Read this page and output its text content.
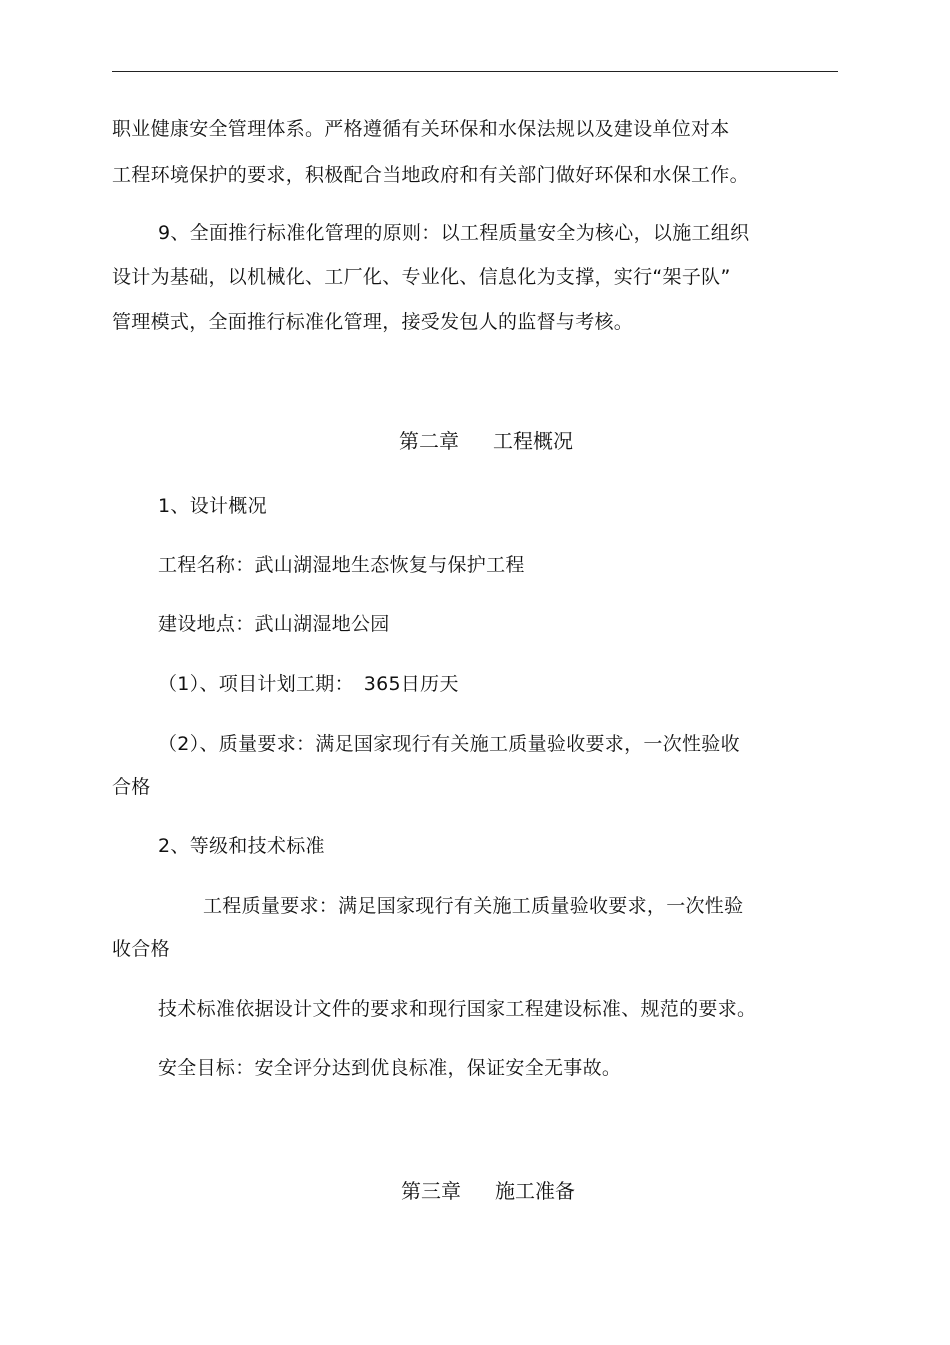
职业健康安全管理体系。严格遵循有关环保和水保法规以及建设单位对本
工程环境保护的要求，积极配合当地政府和有关部门做好环保和水保工作。
9、全面推行标准化管理的原则：以工程质量安全为核心，以施工组织
设计为基础，以机械化、工厂化、专业化、信息化为支撑，实行“架子队”
管理模式，全面推行标准化管理，接受发包人的监督与考核。
第二章 工程概况
1、设计概况
工程名称：武山湖湿地生态恢复与保护工程
建设地点：武山湖湿地公园
（1）、项目计划工期：　365日历天
（2）、质量要求：满足国家现行有关施工质量验收要求，一次性验收
合格
2、等级和技术标准
工程质量要求：满足国家现行有关施工质量验收要求，一次性验
收合格
技术标准依据设计文件的要求和现行国家工程建设标准、规范的要求。
安全目标：安全评分达到优良标准，保证安全无事故。
第三章 施工准备
